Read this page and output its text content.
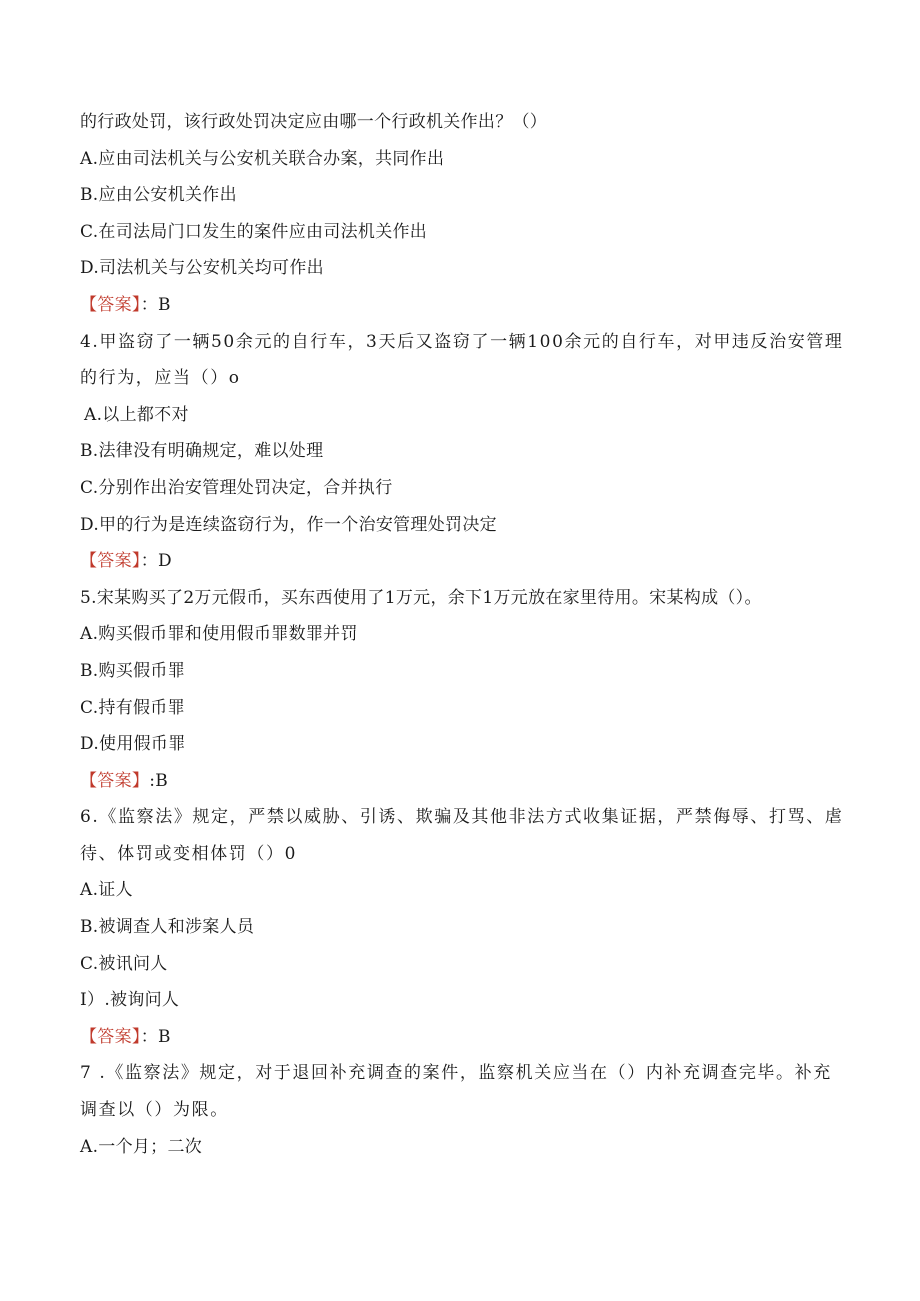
的行政处罚，该行政处罚决定应由哪一个行政机关作出？（）
A.应由司法机关与公安机关联合办案，共同作出
B.应由公安机关作出
C.在司法局门口发生的案件应由司法机关作出
D.司法机关与公安机关均可作出
【答案】：B
4.甲盗窃了一辆50余元的自行车，3天后又盗窃了一辆100余元的自行车，对甲违反治安管理的行为，应当（）o
A.以上都不对
B.法律没有明确规定，难以处理
C.分别作出治安管理处罚决定，合并执行
D.甲的行为是连续盗窃行为，作一个治安管理处罚决定
【答案】：D
5.宋某购买了2万元假币，买东西使用了1万元，余下1万元放在家里待用。宋某构成（）。
A.购买假币罪和使用假币罪数罪并罚
B.购买假币罪
C.持有假币罪
D.使用假币罪
【答案】:B
6.《监察法》规定，严禁以威胁、引诱、欺骗及其他非法方式收集证据，严禁侮辱、打骂、虐待、体罚或变相体罚（）0
A.证人
B.被调查人和涉案人员
C.被讯问人
I）.被询问人
【答案】：B
7 .《监察法》规定，对于退回补充调查的案件，监察机关应当在（）内补充调查完毕。补充调查以（）为限。
A.一个月；二次
